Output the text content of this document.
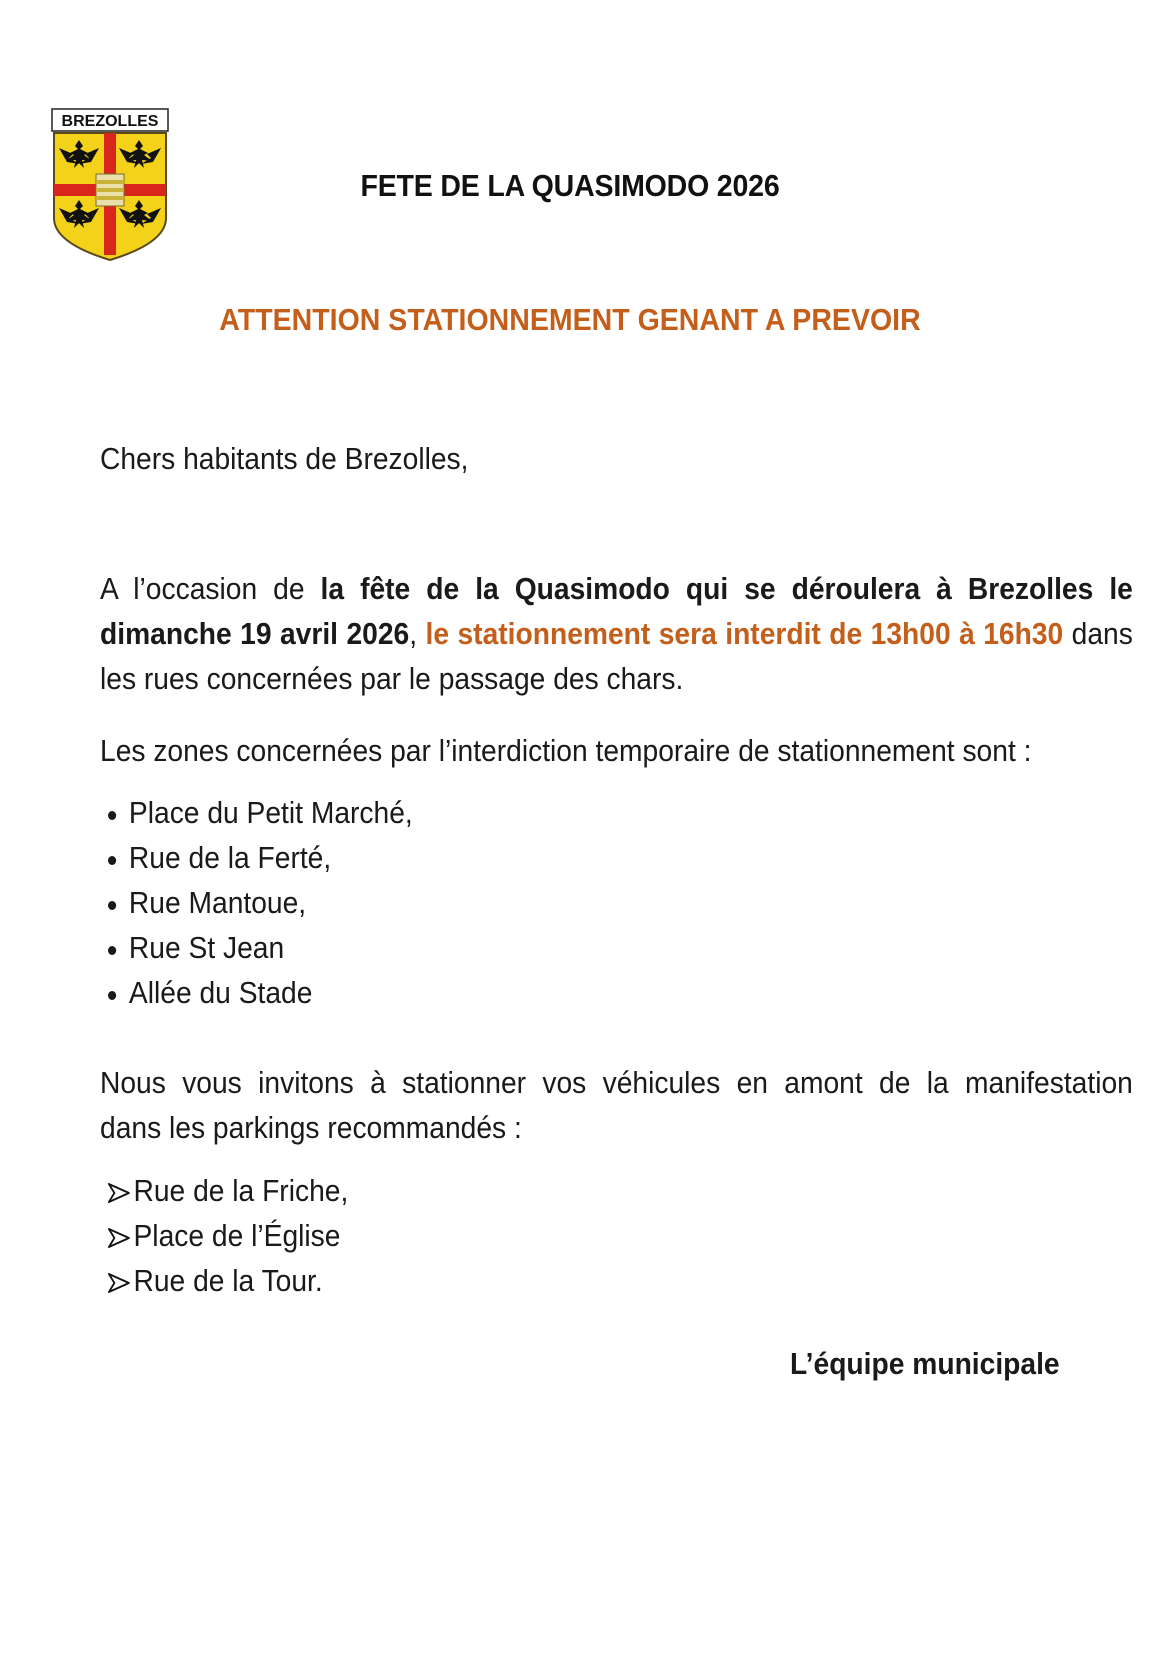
BREZOLLES
FETE DE LA QUASIMODO 2026
ATTENTION STATIONNEMENT GENANT A PREVOIR
Chers habitants de Brezolles,
A l’occasion de la fête de la Quasimodo qui se déroulera à Brezolles le dimanche 19 avril 2026, le stationnement sera interdit de 13h00 à 16h30 dans les rues concernées par le passage des chars.
Les zones concernées par l’interdiction temporaire de stationnement sont :
Place du Petit Marché,
Rue de la Ferté,
Rue Mantoue,
Rue St Jean
Allée du Stade
Nous vous invitons à stationner vos véhicules en amont de la manifestation
dans les parkings recommandés :
Rue de la Friche,
Place de l’Église
Rue de la Tour.
L’équipe municipale
